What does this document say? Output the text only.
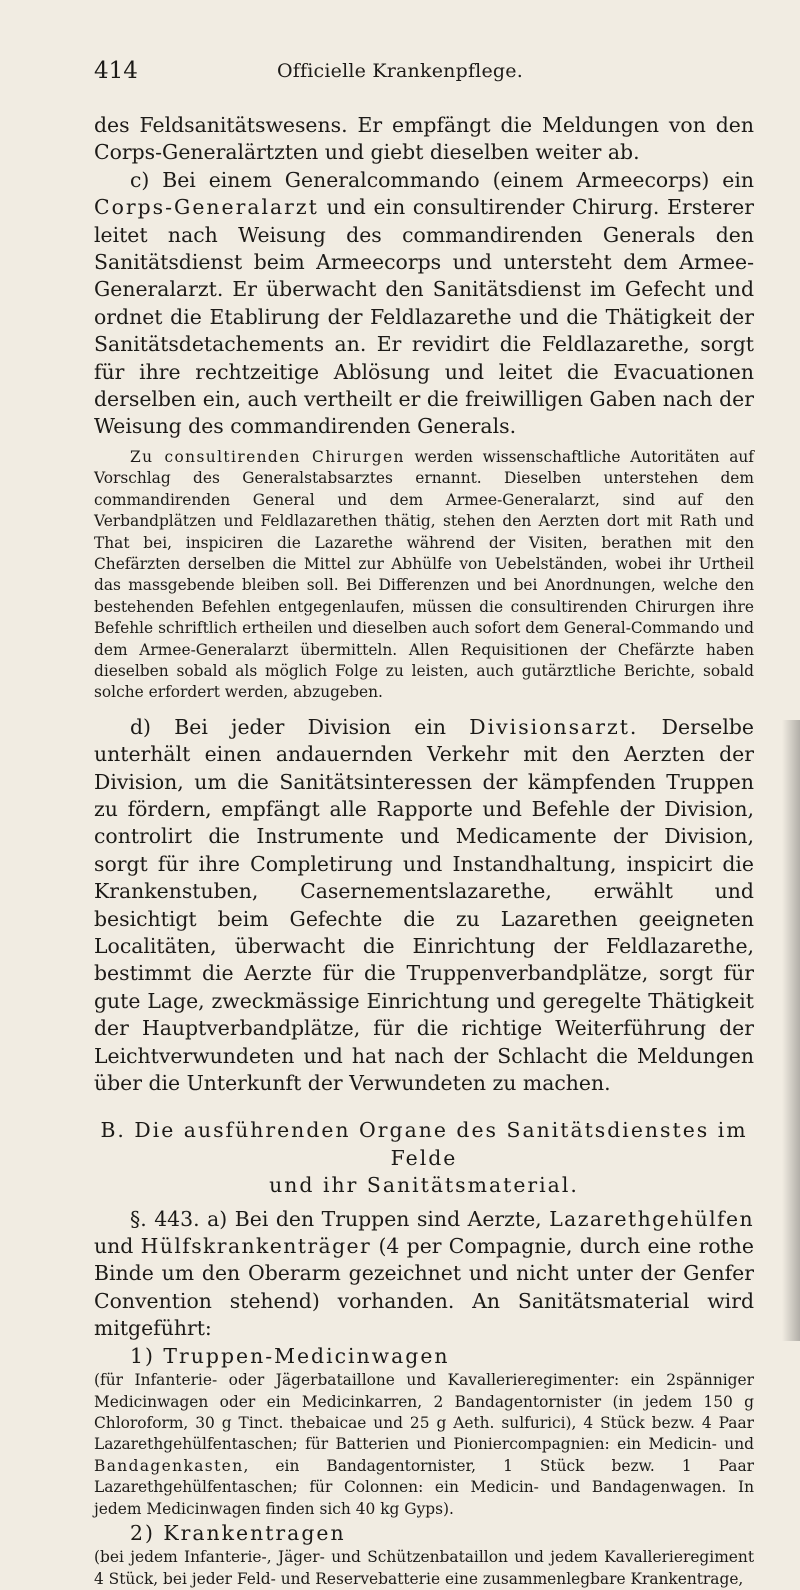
414	Officielle Krankenpflege.

des Feldsanitätswesens. Er empfängt die Meldungen von den Corps-Generalärtzten und giebt dieselben weiter ab.

c) Bei einem Generalcommando (einem Armeecorps) ein Corps-Generalarzt und ein consultirender Chirurg. Ersterer leitet nach Weisung des commandirenden Generals den Sanitätsdienst beim Armeecorps und untersteht dem Armee-Generalarzt. Er überwacht den Sanitätsdienst im Gefecht und ordnet die Etablirung der Feldlazarethe und die Thätigkeit der Sanitätsdetachements an. Er revidirt die Feldlazarethe, sorgt für ihre rechtzeitige Ablösung und leitet die Evacuationen derselben ein, auch vertheilt er die freiwilligen Gaben nach der Weisung des commandirenden Generals.

Zu consultirenden Chirurgen werden wissenschaftliche Autoritäten auf Vorschlag des Generalstabsarztes ernannt. Dieselben unterstehen dem commandirenden General und dem Armee-Generalarzt, sind auf den Verbandplätzen und Feldlazarethen thätig, stehen den Aerzten dort mit Rath und That bei, inspiciren die Lazarethe während der Visiten, berathen mit den Chefärzten derselben die Mittel zur Abhülfe von Uebelständen, wobei ihr Urtheil das massgebende bleiben soll. Bei Differenzen und bei Anordnungen, welche den bestehenden Befehlen entgegenlaufen, müssen die consultirenden Chirurgen ihre Befehle schriftlich ertheilen und dieselben auch sofort dem General-Commando und dem Armee-Generalarzt übermitteln. Allen Requisitionen der Chefärzte haben dieselben sobald als möglich Folge zu leisten, auch gutärztliche Berichte, sobald solche erfordert werden, abzugeben.

d) Bei jeder Division ein Divisionsarzt. Derselbe unterhält einen andauernden Verkehr mit den Aerzten der Division, um die Sanitätsinteressen der kämpfenden Truppen zu fördern, empfängt alle Rapporte und Befehle der Division, controlirt die Instrumente und Medicamente der Division, sorgt für ihre Completirung und Instandhaltung, inspicirt die Krankenstuben, Casernementslazarethe, erwählt und besichtigt beim Gefechte die zu Lazarethen geeigneten Localitäten, überwacht die Einrichtung der Feldlazarethe, bestimmt die Aerzte für die Truppenverbandplätze, sorgt für gute Lage, zweckmässige Einrichtung und geregelte Thätigkeit der Hauptverbandplätze, für die richtige Weiterführung der Leichtverwundeten und hat nach der Schlacht die Meldungen über die Unterkunft der Verwundeten zu machen.

B. Die ausführenden Organe des Sanitätsdienstes im Felde
und ihr Sanitätsmaterial.

§. 443. a) Bei den Truppen sind Aerzte, Lazarethgehülfen und Hülfskrankenträger (4 per Compagnie, durch eine rothe Binde um den Oberarm gezeichnet und nicht unter der Genfer Convention stehend) vorhanden. An Sanitätsmaterial wird mitgeführt:

1) Truppen-Medicinwagen

(für Infanterie- oder Jägerbataillone und Kavallerieregimenter: ein 2spänniger Medicinwagen oder ein Medicinkarren, 2 Bandagentornister (in jedem 150 g Chloroform, 30 g Tinct. thebaicae und 25 g Aeth. sulfurici), 4 Stück bezw. 4 Paar Lazarethgehülfentaschen; für Batterien und Pioniercompagnien: ein Medicin- und Bandagenkasten, ein Bandagentornister, 1 Stück bezw. 1 Paar Lazarethgehülfentaschen; für Colonnen: ein Medicin- und Bandagenwagen. In jedem Medicinwagen finden sich 40 kg Gyps).

2) Krankentragen

(bei jedem Infanterie-, Jäger- und Schützenbataillon und jedem Kavallerieregiment 4 Stück, bei jeder Feld- und Reservebatterie eine zusammenlegbare Krankentrage,
